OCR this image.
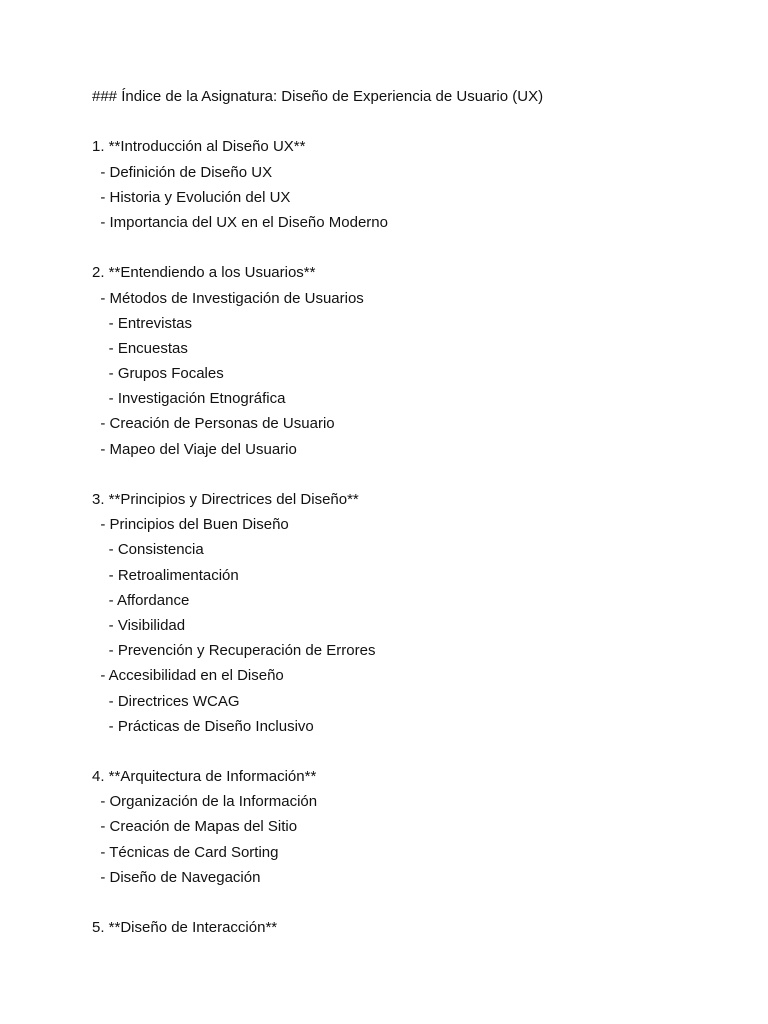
### Índice de la Asignatura: Diseño de Experiencia de Usuario (UX)
1. **Introducción al Diseño UX**
- Definición de Diseño UX
- Historia y Evolución del UX
- Importancia del UX en el Diseño Moderno
2. **Entendiendo a los Usuarios**
- Métodos de Investigación de Usuarios
- Entrevistas
- Encuestas
- Grupos Focales
- Investigación Etnográfica
- Creación de Personas de Usuario
- Mapeo del Viaje del Usuario
3. **Principios y Directrices del Diseño**
- Principios del Buen Diseño
- Consistencia
- Retroalimentación
- Affordance
- Visibilidad
- Prevención y Recuperación de Errores
- Accesibilidad en el Diseño
- Directrices WCAG
- Prácticas de Diseño Inclusivo
4. **Arquitectura de Información**
- Organización de la Información
- Creación de Mapas del Sitio
- Técnicas de Card Sorting
- Diseño de Navegación
5. **Diseño de Interacción**
